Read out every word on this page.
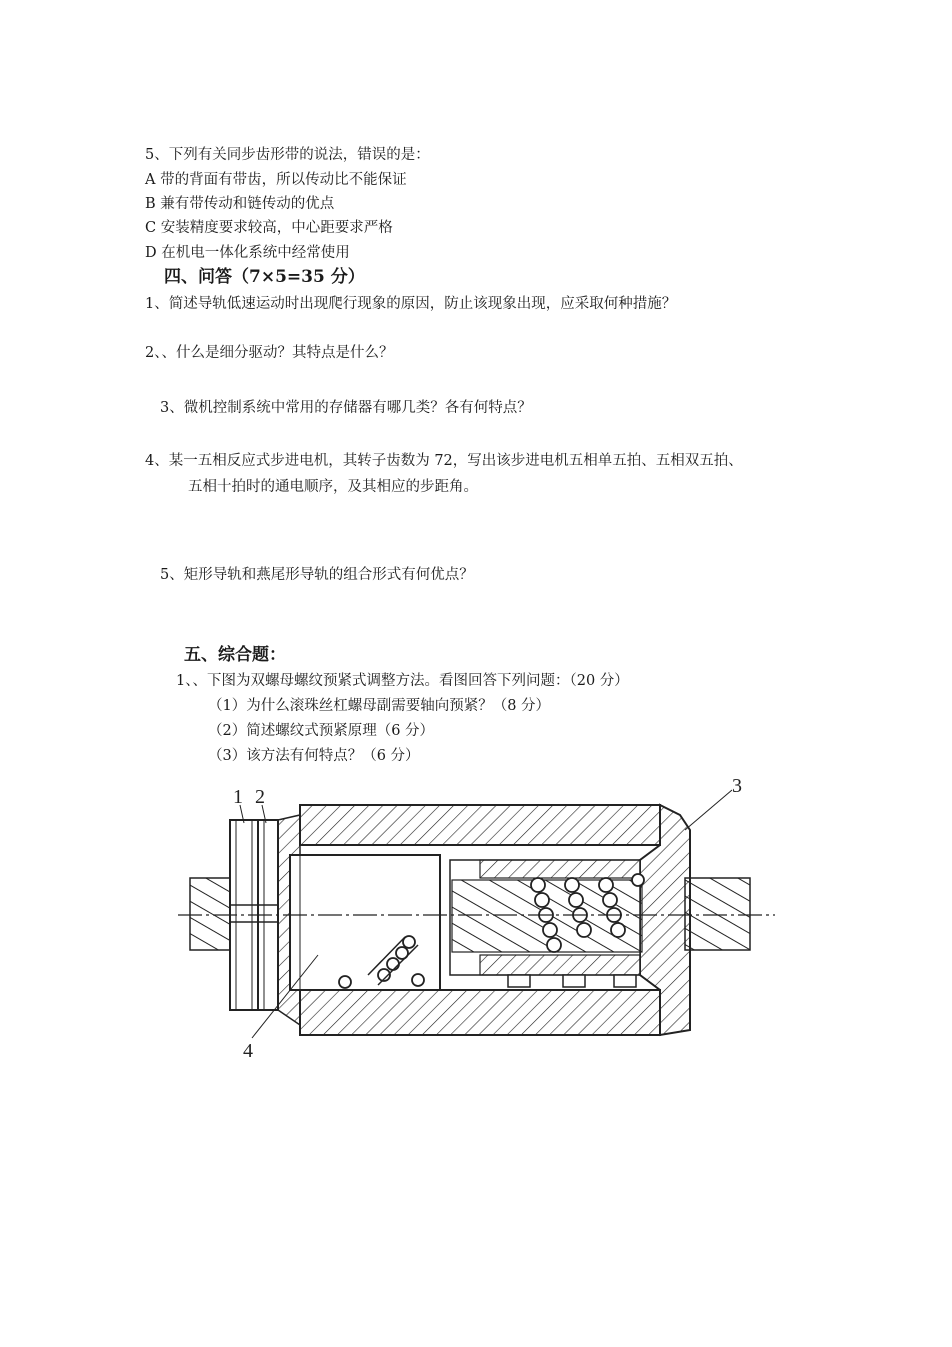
5、下列有关同步齿形带的说法，错误的是：
A 带的背面有带齿，所以传动比不能保证
B 兼有带传动和链传动的优点
C 安装精度要求较高，中心距要求严格
D 在机电一体化系统中经常使用
四、问答（7×5=35 分）
1、简述导轨低速运动时出现爬行现象的原因，防止该现象出现，应采取何种措施？
2、、什么是细分驱动？其特点是什么？
3、微机控制系统中常用的存储器有哪几类？各有何特点？
4、某一五相反应式步进电机，其转子齿数为 72，写出该步进电机五相单五拍、五相双五拍、
五相十拍时的通电顺序，及其相应的步距角。
5、矩形导轨和燕尾形导轨的组合形式有何优点？
五、综合题：
1、、下图为双螺母螺纹预紧式调整方法。看图回答下列问题：（20 分）
（1）为什么滚珠丝杠螺母副需要轴向预紧？（8 分）
（2）简述螺纹式预紧原理（6 分）
（3）该方法有何特点？（6 分）
1 2	3
4
